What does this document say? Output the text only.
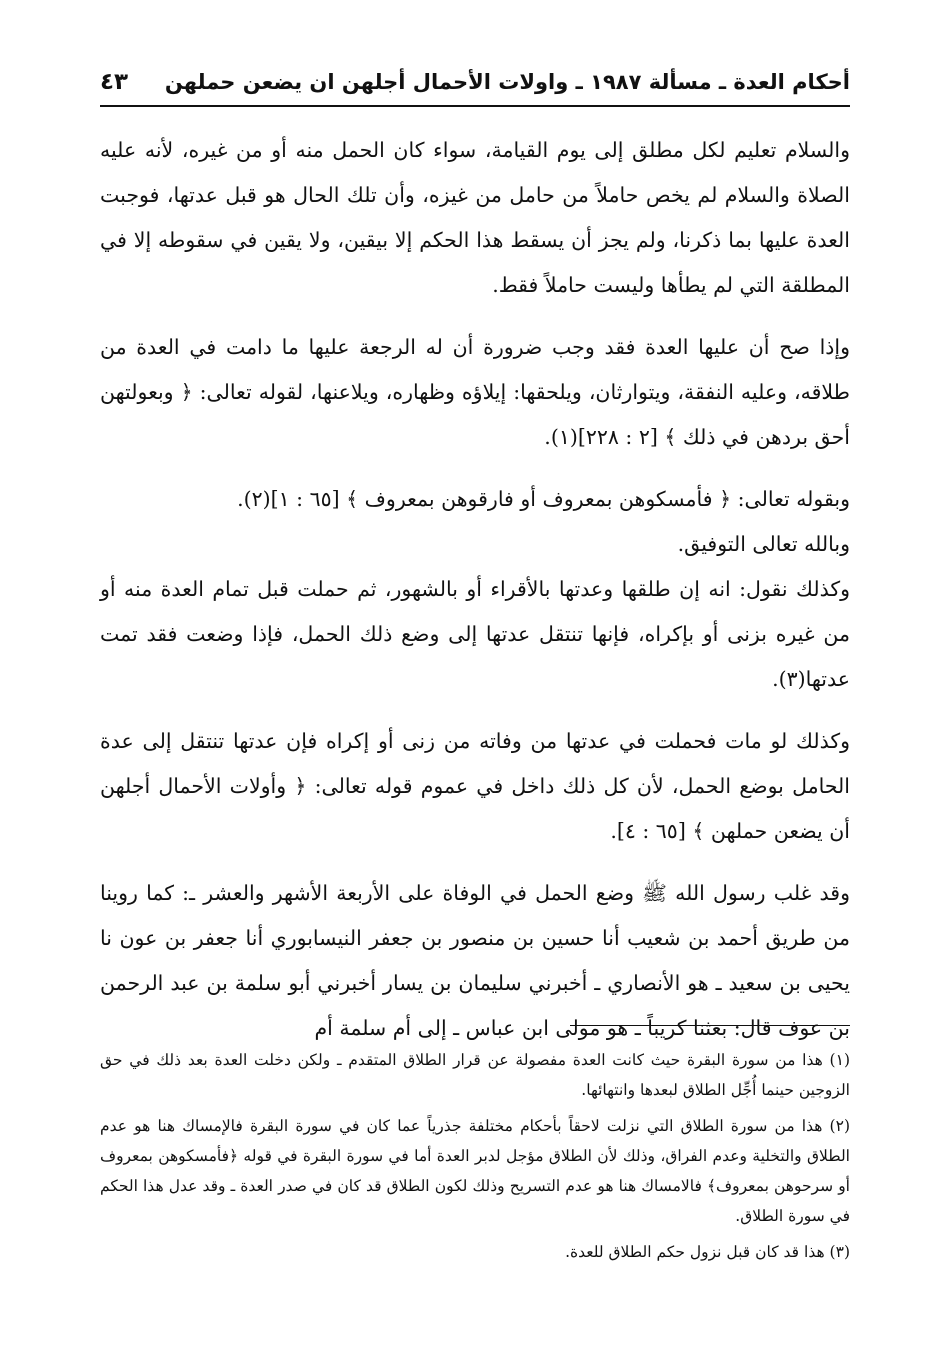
أحكام العدة ـ مسألة ١٩٨٧ ـ واولات الأحمال أجلهن ان يضعن حملهن
٤٣

والسلام تعليم لكل مطلق إلى يوم القيامة، سواء كان الحمل منه أو من غيره، لأنه عليه الصلاة والسلام لم يخص حاملاً من حامل من غيزه، وأن تلك الحال هو قبل عدتها، فوجبت العدة عليها بما ذكرنا، ولم يجز أن يسقط هذا الحكم إلا بيقين، ولا يقين في سقوطه إلا في المطلقة التي لم يطأها وليست حاملاً فقط.

وإذا صح أن عليها العدة فقد وجب ضرورة أن له الرجعة عليها ما دامت في العدة من طلاقه، وعليه النفقة، ويتوارثان، ويلحقها: إيلاؤه وظهاره، ويلاعنها، لقوله تعالى: ﴿ وبعولتهن أحق بردهن في ذلك ﴾ [٢ : ٢٢٨](١).

وبقوله تعالى: ﴿ فأمسكوهن بمعروف أو فارقوهن بمعروف ﴾ [٦٥ : ١](٢).

وبالله تعالى التوفيق.

وكذلك نقول: انه إن طلقها وعدتها بالأقراء أو بالشهور، ثم حملت قبل تمام العدة منه أو من غيره بزنى أو بإكراه، فإنها تنتقل عدتها إلى وضع ذلك الحمل، فإذا وضعت فقد تمت عدتها(٣).

وكذلك لو مات فحملت في عدتها من وفاته من زنى أو إكراه فإن عدتها تنتقل إلى عدة الحامل بوضع الحمل، لأن كل ذلك داخل في عموم قوله تعالى: ﴿ وأولات الأحمال أجلهن أن يضعن حملهن ﴾ [٦٥ : ٤].

وقد غلب رسول الله ﷺ وضع الحمل في الوفاة على الأربعة الأشهر والعشر ـ: كما روينا من طريق أحمد بن شعيب أنا حسين بن منصور بن جعفر النيسابوري أنا جعفر بن عون نا يحيى بن سعيد ـ هو الأنصاري ـ أخبرني سليمان بن يسار أخبرني أبو سلمة بن عبد الرحمن بن عوف قال: بعثنا كريباً ـ هو مولى ابن عباس ـ إلى أم سلمة أم

(١) هذا من سورة البقرة حيث كانت العدة مفصولة عن قرار الطلاق المتقدم ـ ولكن دخلت العدة بعد ذلك في حق الزوجين حينما أُجِّل الطلاق لبعدها وانتهائها.

(٢) هذا من سورة الطلاق التي نزلت لاحقاً بأحكام مختلفة جذرياً عما كان في سورة البقرة فالإمساك هنا هو عدم الطلاق والتخلية وعدم الفراق، وذلك لأن الطلاق مؤجل لدبر العدة أما في سورة البقرة في قوله ﴿فأمسكوهن بمعروف أو سرحوهن بمعروف﴾ فالامساك هنا هو عدم التسريح وذلك لكون الطلاق قد كان في صدر العدة ـ وقد عدل هذا الحكم في سورة الطلاق.

(٣) هذا قد كان قبل نزول حكم الطلاق للعدة.
